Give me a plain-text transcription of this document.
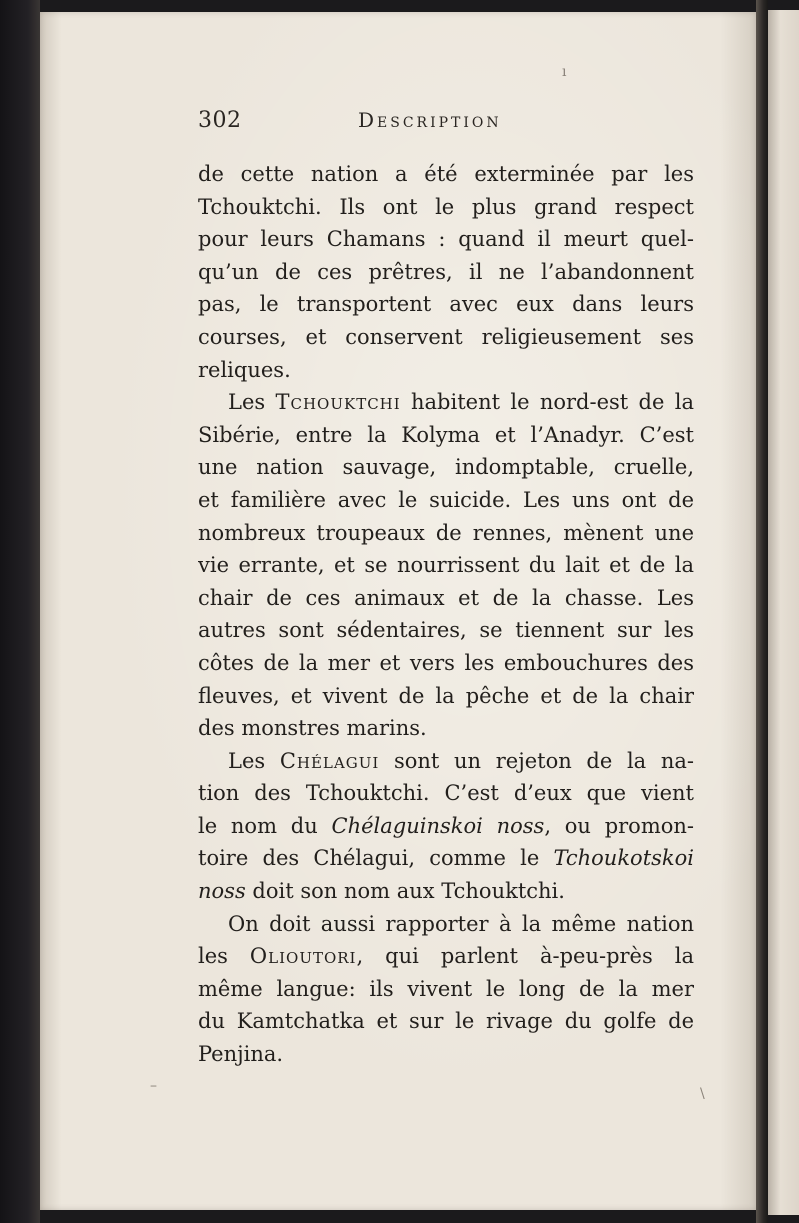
302	Description
de cette nation a été exterminée par les
Tchouktchi. Ils ont le plus grand respect
pour leurs Chamans : quand il meurt quel-
qu’un de ces prêtres, il ne l’abandonnent
pas, le transportent avec eux dans leurs
courses, et conservent religieusement ses
reliques.
Les Tchouktchi habitent le nord-est de la
Sibérie, entre la Kolyma et l’Anadyr. C’est
une nation sauvage, indomptable, cruelle,
et familière avec le suicide. Les uns ont de
nombreux troupeaux de rennes, mènent une
vie errante, et se nourrissent du lait et de la
chair de ces animaux et de la chasse. Les
autres sont sédentaires, se tiennent sur les
côtes de la mer et vers les embouchures des
fleuves, et vivent de la pêche et de la chair
des monstres marins.
Les Chélagui sont un rejeton de la na-
tion des Tchouktchi. C’est d’eux que vient
le nom du Chélaguinskoi noss, ou promon-
toire des Chélagui, comme le Tchoukotskoi
noss doit son nom aux Tchouktchi.
On doit aussi rapporter à la même nation
les Olioutori, qui parlent à-peu-près la
même langue: ils vivent le long de la mer
du Kamtchatka et sur le rivage du golfe de
Penjina.
ı
–	\
